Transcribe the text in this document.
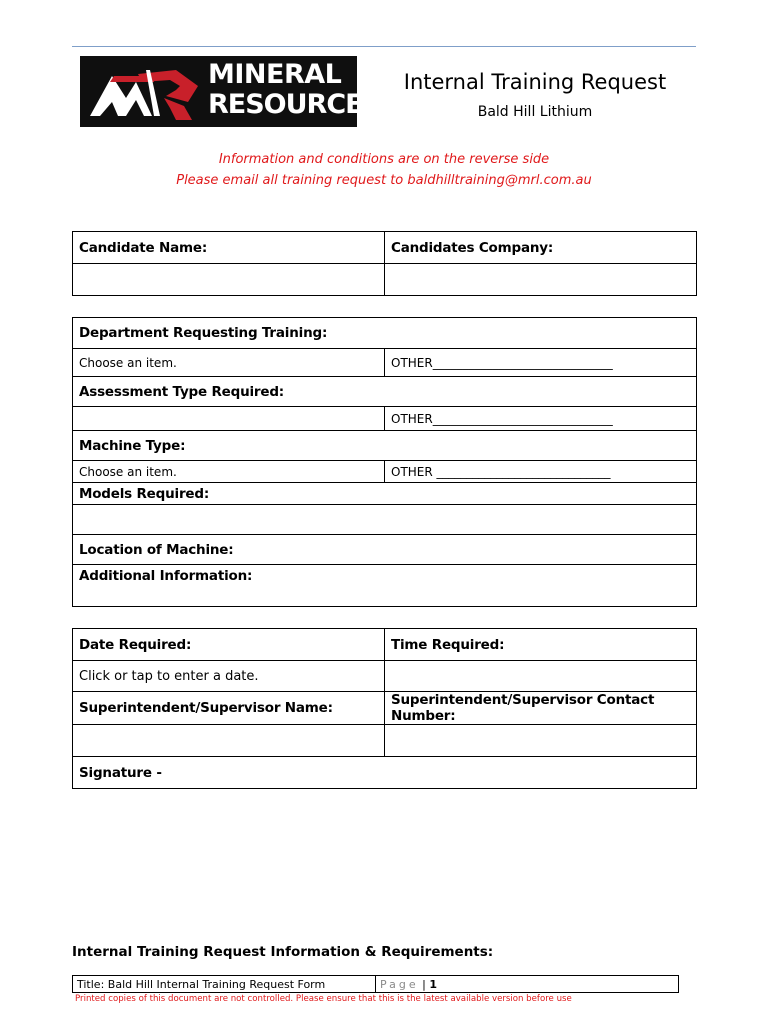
MINERAL
RESOURCES
Internal Training Request
Bald Hill Lithium
Information and conditions are on the reverse side
Please email all training request to baldhilltraining@mrl.com.au
Candidate Name:	Candidates Company:

Department Requesting Training:	
Choose an item.	OTHER______________________________
Assessment Type Required:	
	OTHER______________________________
Machine Type:	
Choose an item.	OTHER _____________________________
Models Required:	

Location of Machine:	
Additional Information:	
Date Required:	Time Required:
Click or tap to enter a date.	
Superintendent/Supervisor Name:	Superintendent/Supervisor Contact Number:

Signature -	
Internal Training Request Information & Requirements:
Title: Bald Hill Internal Training Request Form	Page | 1
Printed copies of this document are not controlled. Please ensure that this is the latest available version before use
